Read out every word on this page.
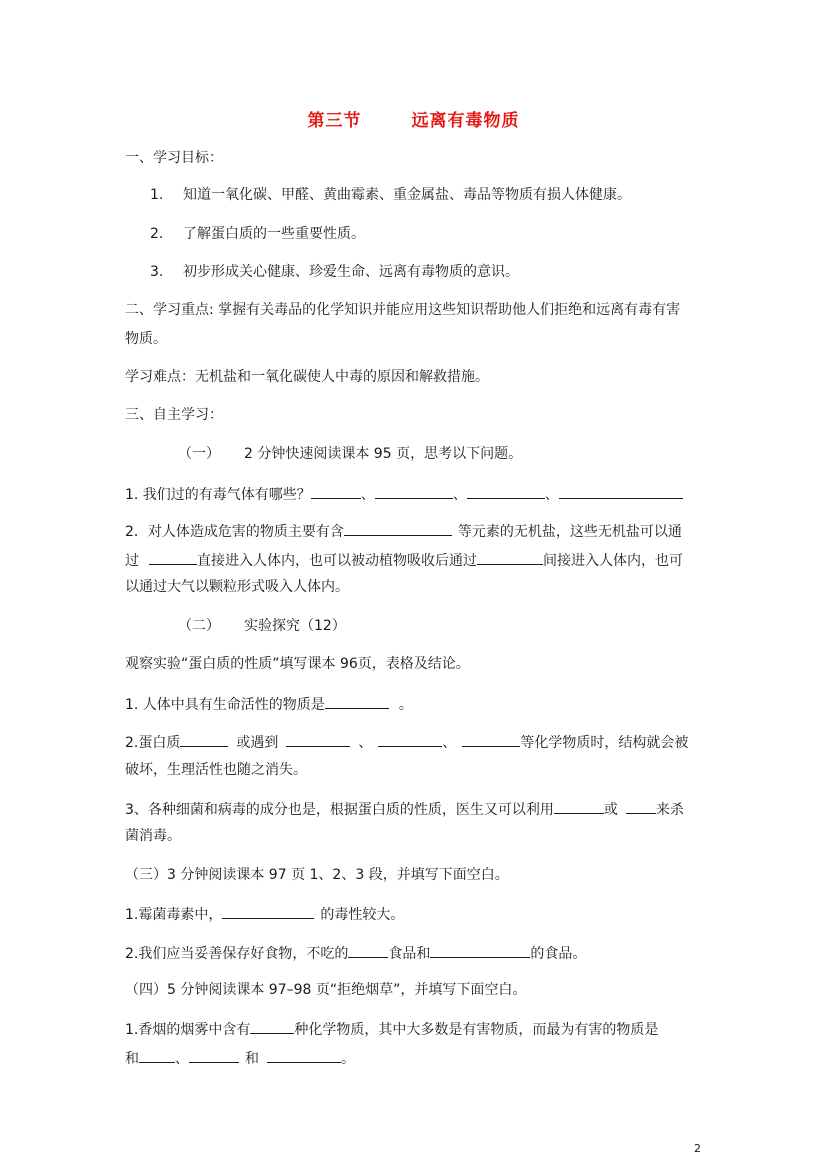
第三节	远离有毒物质
一、学习目标：
1. 知道一氧化碳、甲醛、黄曲霉素、重金属盐、毒品等物质有损人体健康。
2. 了解蛋白质的一些重要性质。
3. 初步形成关心健康、珍爱生命、远离有毒物质的意识。
二、学习重点: 掌握有关毒品的化学知识并能应用这些知识帮助他人们拒绝和远离有毒有害
物质。
学习难点：无机盐和一氧化碳使人中毒的原因和解救措施。
三、自主学习：
（一） 2 分钟快速阅读课本 95 页，思考以下问题。
1. 我们过的有毒气体有哪些？	、	、	、
2．对人体造成危害的物质主要有含	等元素的无机盐，这些无机盐可以通
过	直接进入人体内，也可以被动植物吸收后通过	间接进入人体内，也可
以通过大气以颗粒形式吸入人体内。
（二） 实验探究（12）
观察实验“蛋白质的性质”填写课本 96页，表格及结论。
1. 人体中具有生命活性的物质是	。
2.蛋白质	或遇到	、	、	等化学物质时，结构就会被
破坏，生理活性也随之消失。
3、各种细菌和病毒的成分也是，根据蛋白质的性质，医生又可以利用	或	来杀
菌消毒。
（三）3 分钟阅读课本 97 页 1、2、3 段，并填写下面空白。
1.霉菌毒素中，	的毒性较大。
2.我们应当妥善保存好食物，不吃的	食品和	的食品。
（四）5 分钟阅读课本 97–98 页“拒绝烟草”，并填写下面空白。
1.香烟的烟雾中含有	种化学物质，其中大多数是有害物质，而最为有害的物质是
和	、	和	。
2
